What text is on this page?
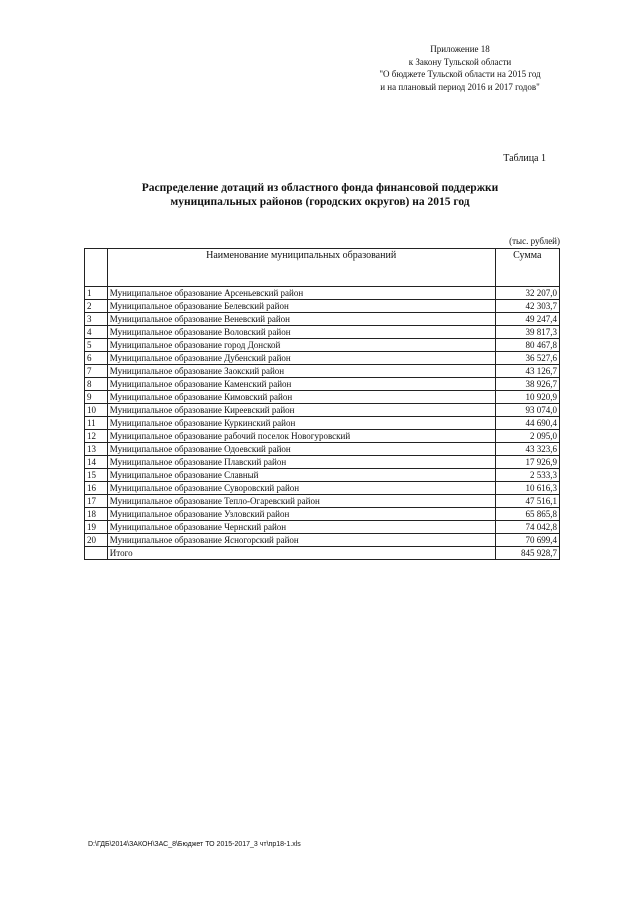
Приложение 18
к Закону Тульской области
"О бюджете Тульской области на 2015 год
и на плановый период 2016 и 2017 годов"
Таблица 1
Распределение дотаций из областного фонда финансовой поддержки
муниципальных районов (городских округов) на 2015 год
(тыс. рублей)
	Наименование муниципальных образований	Сумма
1	Муниципальное образование Арсеньевский район	32 207,0
2	Муниципальное образование Белевский район	42 303,7
3	Муниципальное образование Веневский район	49 247,4
4	Муниципальное образование Воловский район	39 817,3
5	Муниципальное образование город Донской	80 467,8
6	Муниципальное образование Дубенский район	36 527,6
7	Муниципальное образование Заокский район	43 126,7
8	Муниципальное образование Каменский район	38 926,7
9	Муниципальное образование Кимовский район	10 920,9
10	Муниципальное образование Киреевский район	93 074,0
11	Муниципальное образование Куркинский район	44 690,4
12	Муниципальное образование рабочий поселок Новогуровский	2 095,0
13	Муниципальное образование Одоевский район	43 323,6
14	Муниципальное образование Плавский район	17 926,9
15	Муниципальное образование Славный	2 533,3
16	Муниципальное образование Суворовский район	10 616,3
17	Муниципальное образование Тепло-Огаревский район	47 516,1
18	Муниципальное образование Узловский район	65 865,8
19	Муниципальное образование Чернский район	74 042,8
20	Муниципальное образование Ясногорский район	70 699,4
	Итого	845 928,7
D:\ГДБ\2014\ЗАКОН\ЗАС_8\Бюджет ТО 2015-2017_3 чт\пр18-1.xls
